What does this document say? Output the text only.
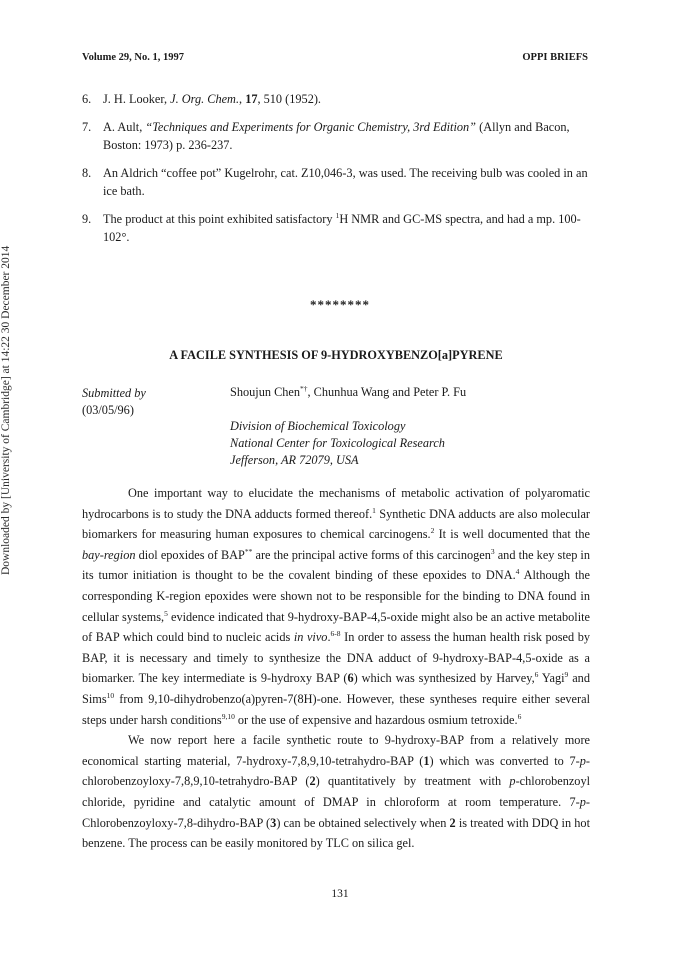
Downloaded by [University of Cambridge] at 14:22 30 December 2014
Volume 29, No. 1, 1997	OPPI BRIEFS
6. J. H. Looker, J. Org. Chem., 17, 510 (1952).
7. A. Ault, “Techniques and Experiments for Organic Chemistry, 3rd Edition” (Allyn and Bacon, Boston: 1973) p. 236-237.
8. An Aldrich “coffee pot” Kugelrohr, cat. Z10,046-3, was used. The receiving bulb was cooled in an ice bath.
9. The product at this point exhibited satisfactory $^1$H NMR and GC-MS spectra, and had a mp. 100-102°.
********
A FACILE SYNTHESIS OF 9-HYDROXYBENZO[a]PYRENE
Submitted by
(03/05/96)
Shoujun Chen*†, Chunhua Wang and Peter P. Fu
Division of Biochemical Toxicology
National Center for Toxicological Research
Jefferson, AR 72079, USA

One important way to elucidate the mechanisms of metabolic activation of polyaromatic hydrocarbons is to study the DNA adducts formed thereof.$^1$ Synthetic DNA adducts are also molecular biomarkers for measuring human exposures to chemical carcinogens.$^2$ It is well documented that the bay-region diol epoxides of BAP** are the principal active forms of this carcinogen$^3$ and the key step in its tumor initiation is thought to be the covalent binding of these epoxides to DNA.$^4$ Although the corresponding K-region epoxides were shown not to be responsible for the binding to DNA found in cellular systems,$^5$ evidence indicated that 9-hydroxy-BAP-4,5-oxide might also be an active metabolite of BAP which could bind to nucleic acids in vivo.$^{6-8}$ In order to assess the human health risk posed by BAP, it is necessary and timely to synthesize the DNA adduct of 9-hydroxy-BAP-4,5-oxide as a biomarker. The key intermediate is 9-hydroxy BAP (6) which was synthesized by Harvey,$^6$ Yagi$^9$ and Sims$^{10}$ from 9,10-dihydrobenzo(a)pyren-7(8H)-one. However, these syntheses require either several steps under harsh conditions$^{9,10}$ or the use of expensive and hazardous osmium tetroxide.$^6$

We now report here a facile synthetic route to 9-hydroxy-BAP from a relatively more economical starting material, 7-hydroxy-7,8,9,10-tetrahydro-BAP (1) which was converted to 7-p-chlorobenzoyloxy-7,8,9,10-tetrahydro-BAP (2) quantitatively by treatment with p-chlorobenzoyl chloride, pyridine and catalytic amount of DMAP in chloroform at room temperature. 7-p-Chlorobenzoyloxy-7,8-dihydro-BAP (3) can be obtained selectively when 2 is treated with DDQ in hot benzene. The process can be easily monitored by TLC on silica gel.

131
